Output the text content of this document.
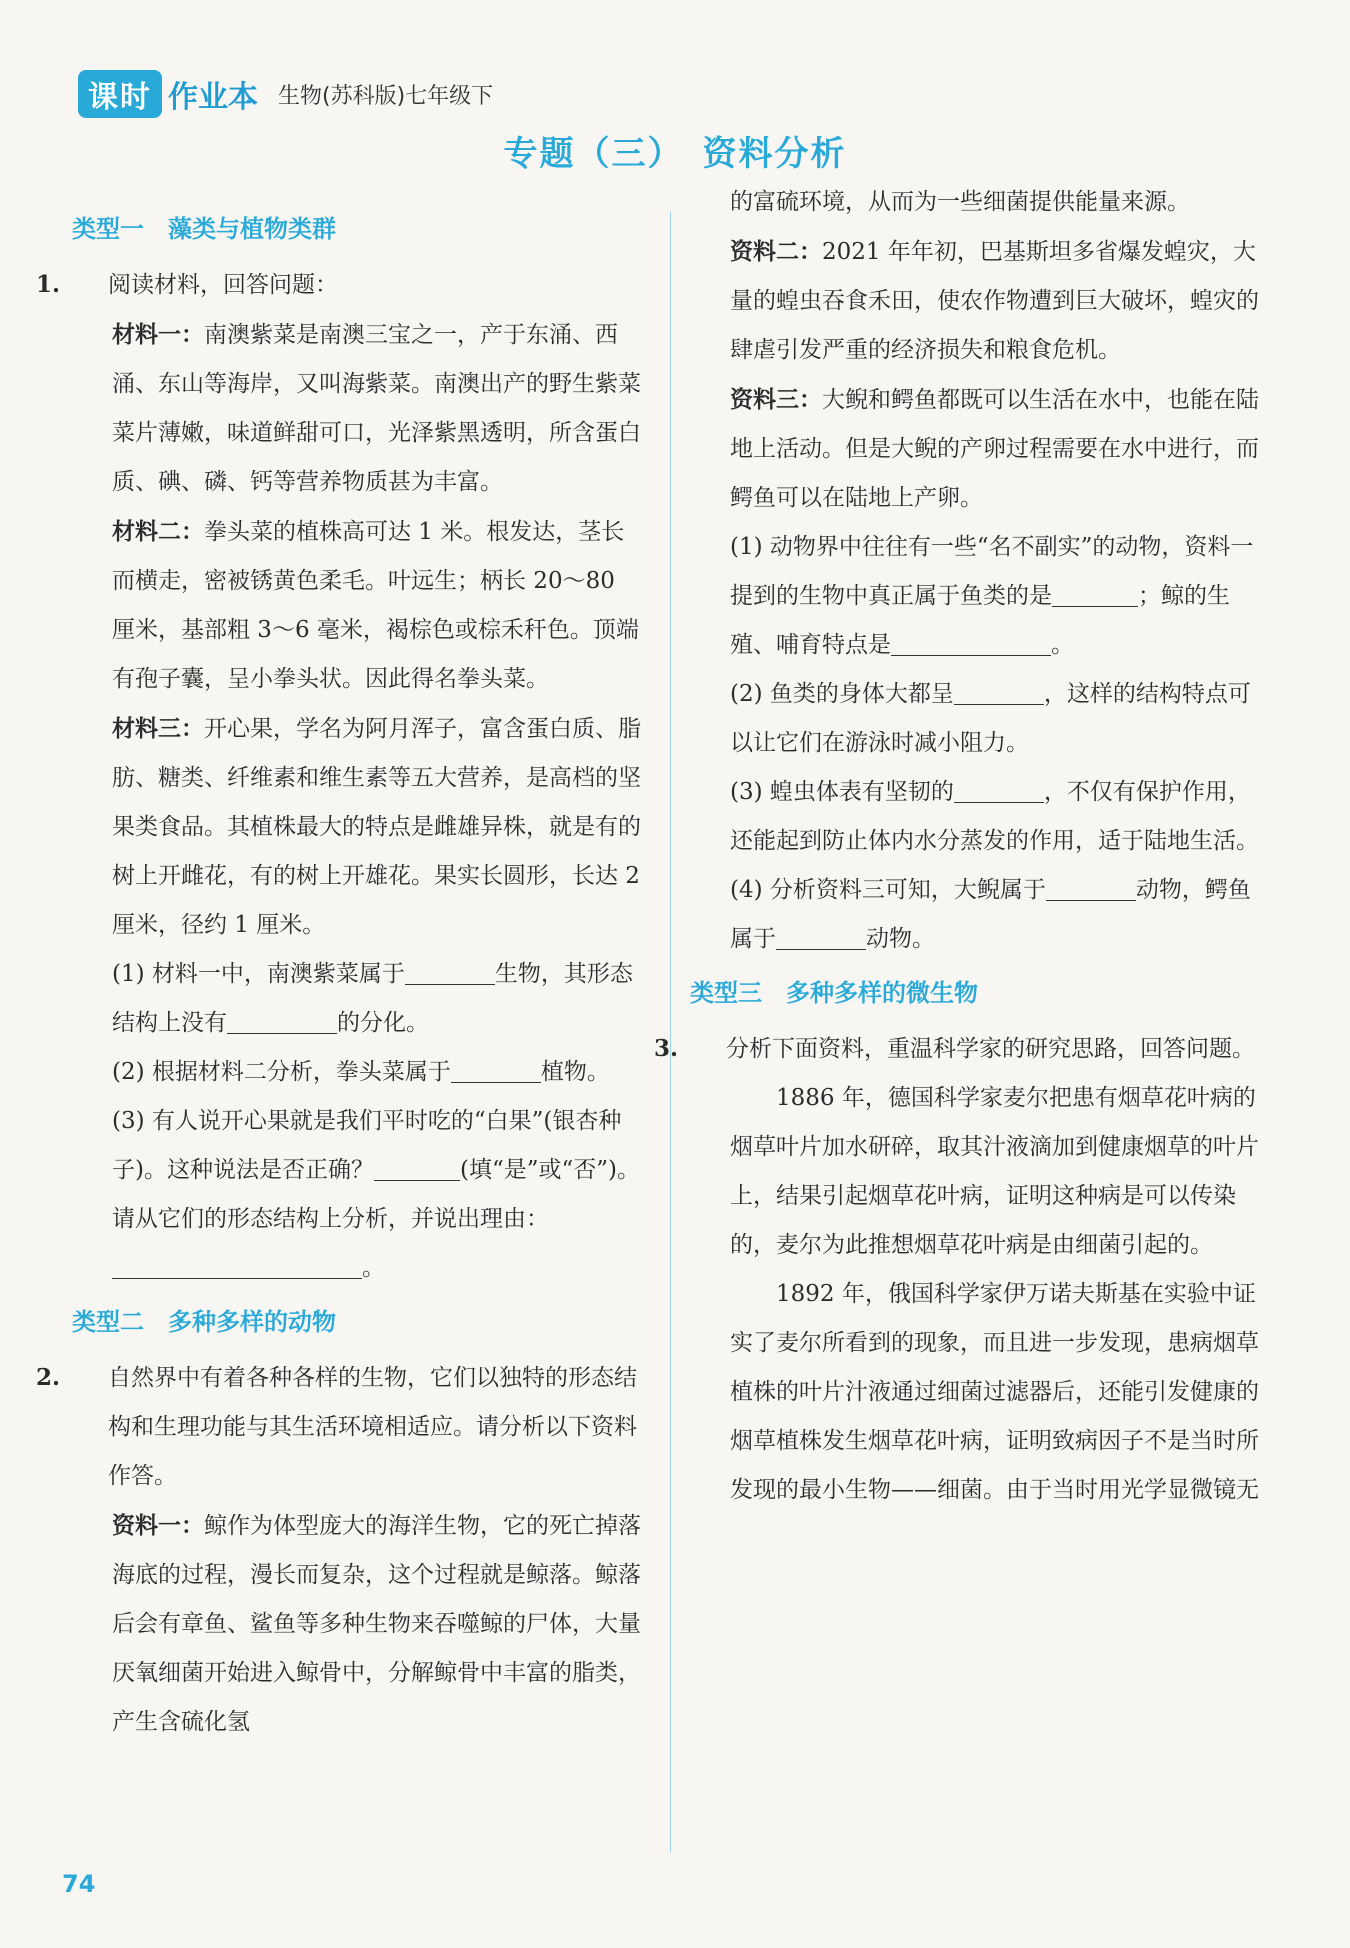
课时 作业本 生物(苏科版)七年级下
专题（三）　资料分析
类型一　藻类与植物类群

1. 阅读材料，回答问题：

材料一：南澳紫菜是南澳三宝之一，产于东涌、西涌、东山等海岸，又叫海紫菜。南澳出产的野生紫菜菜片薄嫩，味道鲜甜可口，光泽紫黑透明，所含蛋白质、碘、磷、钙等营养物质甚为丰富。

材料二：拳头菜的植株高可达 1 米。根发达，茎长而横走，密被锈黄色柔毛。叶远生；柄长 20～80 厘米，基部粗 3～6 毫米，褐棕色或棕禾秆色。顶端有孢子囊，呈小拳头状。因此得名拳头菜。

材料三：开心果，学名为阿月浑子，富含蛋白质、脂肪、糖类、纤维素和维生素等五大营养，是高档的坚果类食品。其植株最大的特点是雌雄异株，就是有的树上开雌花，有的树上开雄花。果实长圆形，长达 2 厘米，径约 1 厘米。

(1) 材料一中，南澳紫菜属于	生物，其形态结构上没有	的分化。

(2) 根据材料二分析，拳头菜属于	植物。

(3) 有人说开心果就是我们平时吃的“白果”(银杏种子)。这种说法是否正确？	(填“是”或“否”)。请从它们的形态结构上分析，并说出理由：。

类型二　多种多样的动物

2. 自然界中有着各种各样的生物，它们以独特的形态结构和生理功能与其生活环境相适应。请分析以下资料作答。

资料一：鲸作为体型庞大的海洋生物，它的死亡掉落海底的过程，漫长而复杂，这个过程就是鲸落。鲸落后会有章鱼、鲨鱼等多种生物来吞噬鲸的尸体，大量厌氧细菌开始进入鲸骨中，分解鲸骨中丰富的脂类，产生含硫化氢

的富硫环境，从而为一些细菌提供能量来源。

资料二：2021 年年初，巴基斯坦多省爆发蝗灾，大量的蝗虫吞食禾田，使农作物遭到巨大破坏，蝗灾的肆虐引发严重的经济损失和粮食危机。

资料三：大鲵和鳄鱼都既可以生活在水中，也能在陆地上活动。但是大鲵的产卵过程需要在水中进行，而鳄鱼可以在陆地上产卵。

(1) 动物界中往往有一些“名不副实”的动物，资料一提到的生物中真正属于鱼类的是	；鲸的生殖、哺育特点是	。

(2) 鱼类的身体大都呈	，这样的结构特点可以让它们在游泳时减小阻力。

(3) 蝗虫体表有坚韧的	，不仅有保护作用，还能起到防止体内水分蒸发的作用，适于陆地生活。

(4) 分析资料三可知，大鲵属于	动物，鳄鱼属于	动物。

类型三　多种多样的微生物

3. 分析下面资料，重温科学家的研究思路，回答问题。

1886 年，德国科学家麦尔把患有烟草花叶病的烟草叶片加水研碎，取其汁液滴加到健康烟草的叶片上，结果引起烟草花叶病，证明这种病是可以传染的，麦尔为此推想烟草花叶病是由细菌引起的。

1892 年，俄国科学家伊万诺夫斯基在实验中证实了麦尔所看到的现象，而且进一步发现，患病烟草植株的叶片汁液通过细菌过滤器后，还能引发健康的烟草植株发生烟草花叶病，证明致病因子不是当时所发现的最小生物——细菌。由于当时用光学显微镜无

74
